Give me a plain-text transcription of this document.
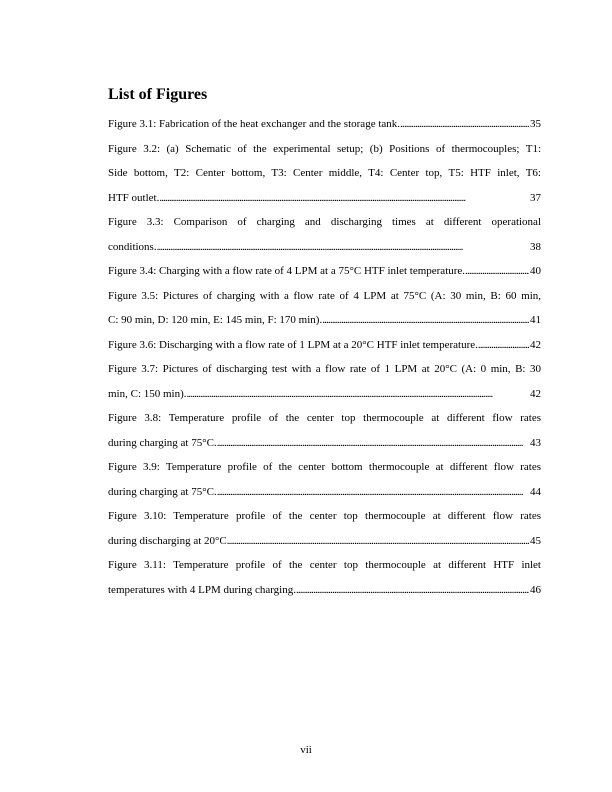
List of Figures
Figure 3.1: Fabrication of the heat exchanger and the storage tank. . . .	35
Figure 3.2: (a) Schematic of the experimental setup; (b) Positions of thermocouples; T1:
Side bottom, T2: Center bottom, T3: Center middle, T4: Center top, T5: HTF inlet, T6:
HTF outlet. . . .	37
Figure 3.3: Comparison of charging and discharging times at different operational
conditions. . . .	38
Figure 3.4: Charging with a flow rate of 4 LPM at a 75°C HTF inlet temperature. . . .	40
Figure 3.5: Pictures of charging with a flow rate of 4 LPM at 75°C (A: 30 min, B: 60 min,
C: 90 min, D: 120 min, E: 145 min, F: 170 min). . . .	41
Figure 3.6: Discharging with a flow rate of 1 LPM at a 20°C HTF inlet temperature. . . .	42
Figure 3.7: Pictures of discharging test with a flow rate of 1 LPM at 20°C (A: 0 min, B: 30
min, C: 150 min). . . .	42
Figure 3.8: Temperature profile of the center top thermocouple at different flow rates
during charging at 75°C. . . .	43
Figure 3.9: Temperature profile of the center bottom thermocouple at different flow rates
during charging at 75°C. . . .	44
Figure 3.10: Temperature profile of the center top thermocouple at different flow rates
during discharging at 20°C . . .	45
Figure 3.11: Temperature profile of the center top thermocouple at different HTF inlet
temperatures with 4 LPM during charging. . . .	46
vii
